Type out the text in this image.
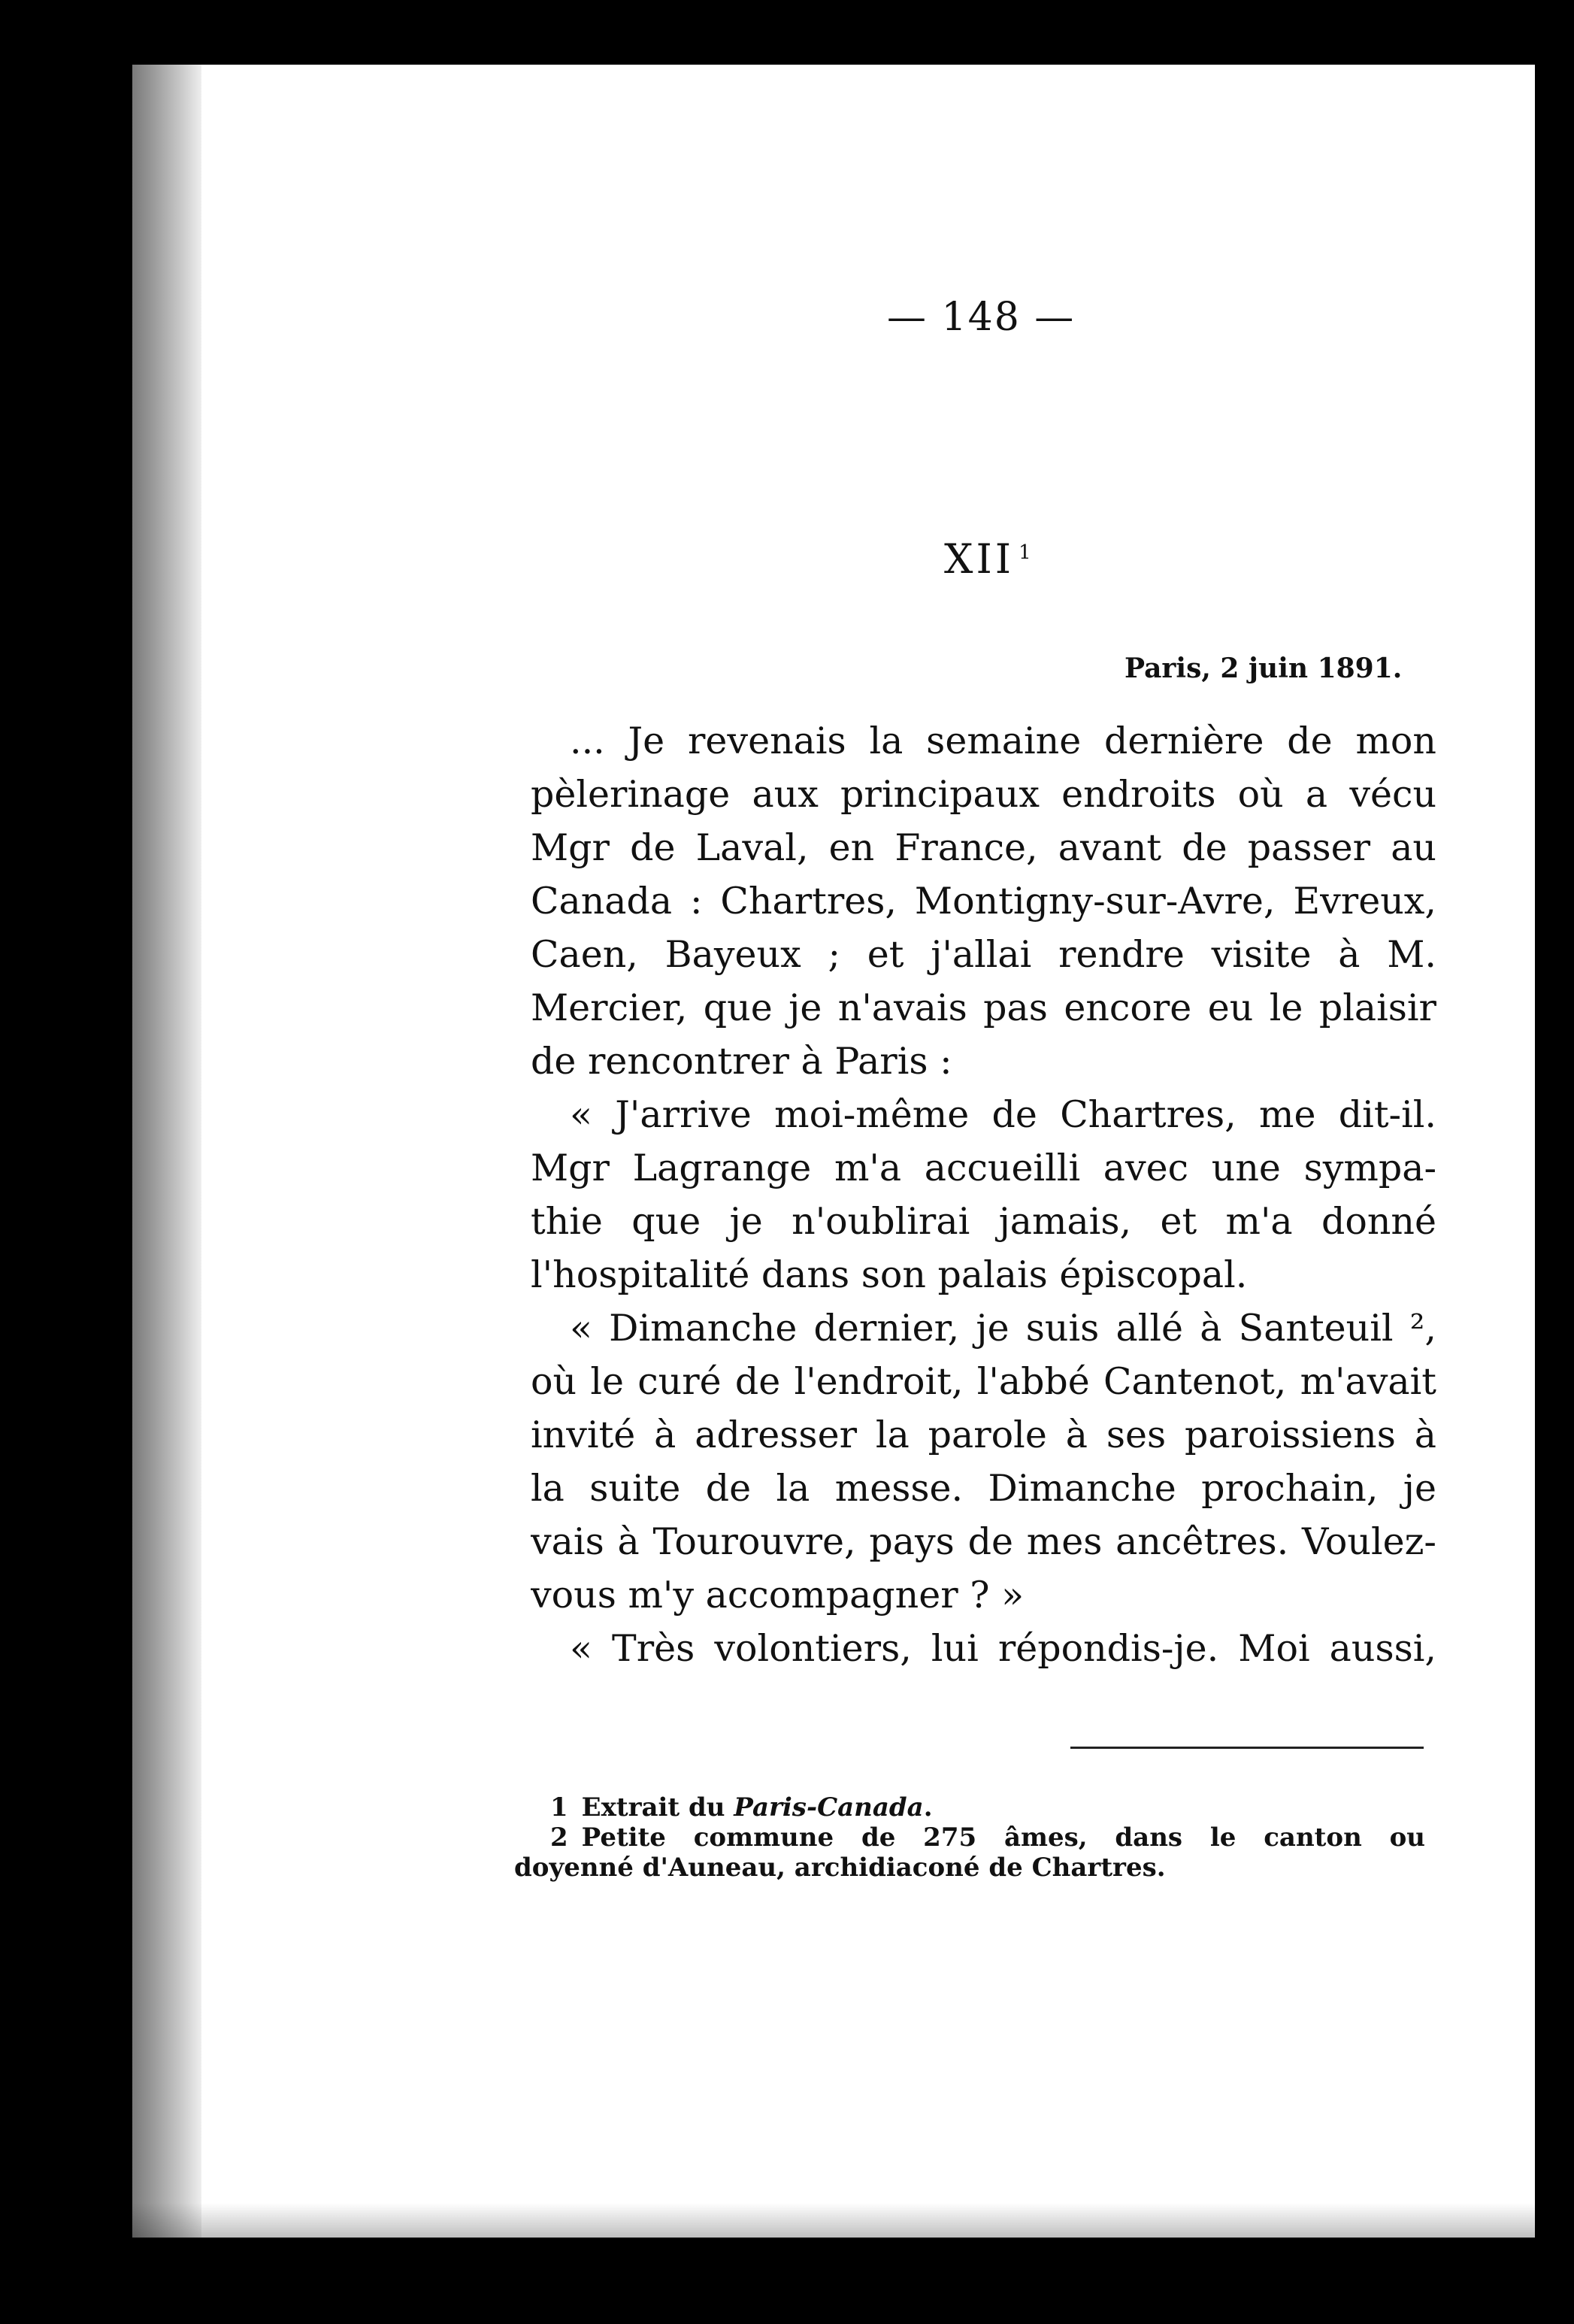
— 148 —
XII $^1$
Paris, 2 juin 1891.
... Je revenais la semaine dernière de mon
pèlerinage aux principaux endroits où a vécu
Mgr de Laval, en France, avant de passer au
Canada : Chartres, Montigny-sur-Avre, Evreux,
Caen, Bayeux ; et j'allai rendre visite à M.
Mercier, que je n'avais pas encore eu le plaisir
de rencontrer à Paris :
« J'arrive moi-même de Chartres, me dit-il.
Mgr Lagrange m'a accueilli avec une sympa-
thie que je n'oublirai jamais, et m'a donné
l'hospitalité dans son palais épiscopal.
« Dimanche dernier, je suis allé à Santeuil ²,
où le curé de l'endroit, l'abbé Cantenot, m'avait
invité à adresser la parole à ses paroissiens à
la suite de la messe. Dimanche prochain, je
vais à Tourouvre, pays de mes ancêtres. Voulez-
vous m'y accompagner ? »
« Très volontiers, lui répondis-je. Moi aussi,
1 Extrait du Paris-Canada.
2 Petite commune de 275 âmes, dans le canton ou
doyenné d'Auneau, archidiaconé de Chartres.
